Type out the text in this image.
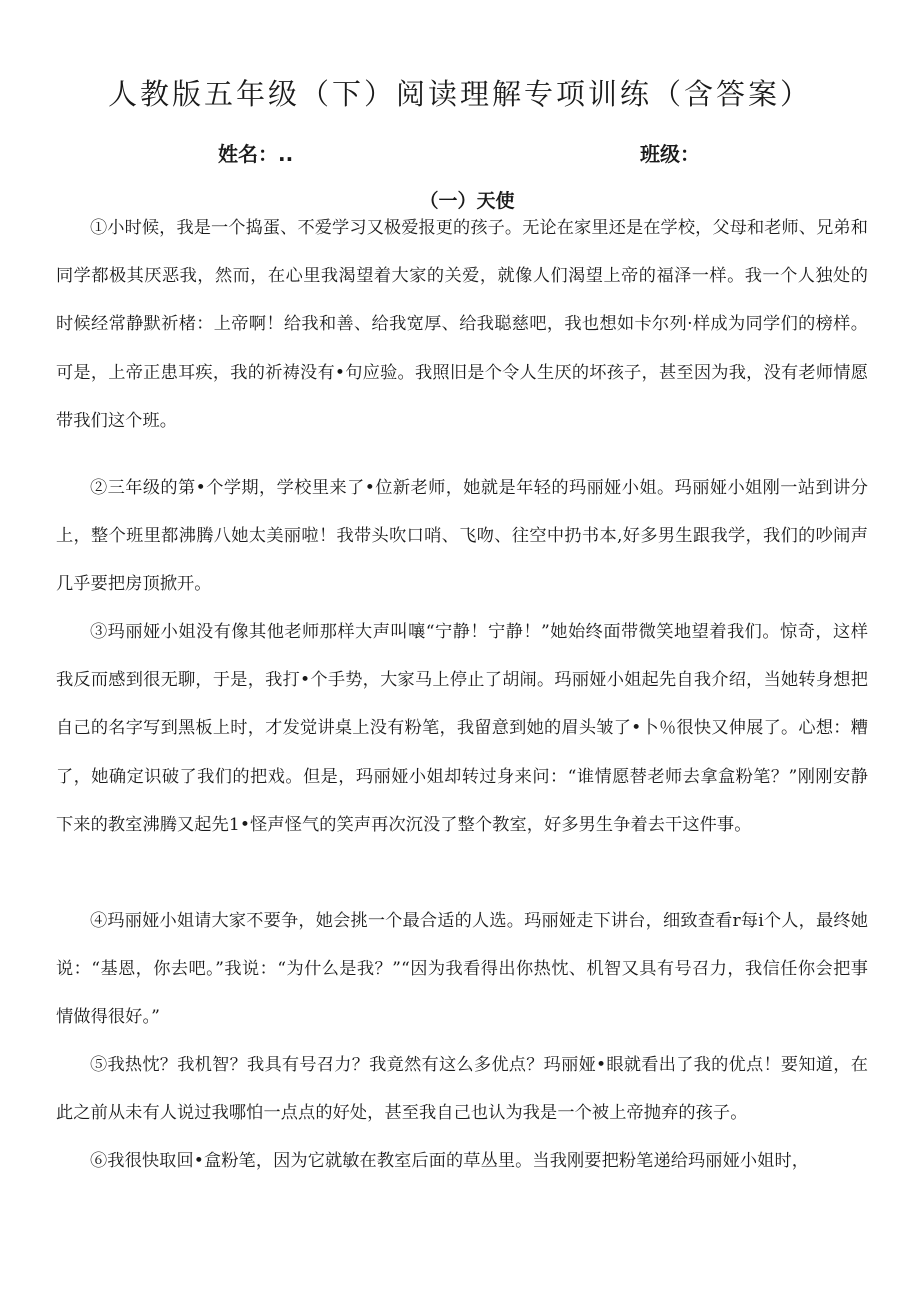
人教版五年级（下）阅读理解专项训练（含答案）
姓名：..	班级：
（一）天使

①小时候，我是一个捣蛋、不爱学习又极爱报更的孩子。无论在家里还是在学校，父母和老师、兄弟和同学都极其厌恶我，然而，在心里我渴望着大家的关爱，就像人们渴望上帝的福泽一样。我一个人独处的时候经常静默祈楮：上帝啊！给我和善、给我宽厚、给我聪慈吧，我也想如卡尔列·样成为同学们的榜样。可是，上帝正患耳疾，我的祈祷没有•句应验。我照旧是个令人生厌的坏孩子，甚至因为我，没有老师情愿带我们这个班。

②三年级的第•个学期，学校里来了•位新老师，她就是年轻的玛丽娅小姐。玛丽娅小姐刚一站到讲分上，整个班里都沸腾八她太美丽啦！我带头吹口哨、飞吻、往空中扔书本,好多男生跟我学，我们的吵闹声几乎要把房顶掀开。

③玛丽娅小姐没有像其他老师那样大声叫嚷“宁静！宁静！”她始终面带微笑地望着我们。惊奇，这样我反而感到很无聊，于是，我打•个手势，大家马上停止了胡闹。玛丽娅小姐起先自我介绍，当她转身想把自己的名字写到黑板上时，才发觉讲桌上没有粉笔，我留意到她的眉头皱了•卜％很快又伸展了。心想：糟了，她确定识破了我们的把戏。但是，玛丽娅小姐却转过身来问：“谁情愿替老师去拿盒粉笔？”刚刚安静下来的教室沸腾又起先1•怪声怪气的笑声再次沉没了整个教室，好多男生争着去干这件事。

④玛丽娅小姐请大家不要争，她会挑一个最合适的人选。玛丽娅走下讲台，细致查看r每i个人，最终她说：“基恩，你去吧。”我说：“为什么是我？”“因为我看得出你热忱、机智又具有号召力，我信任你会把事情做得很好。”

⑤我热忱？我机智？我具有号召力？我竟然有这么多优点？玛丽娅•眼就看出了我的优点！要知道，在此之前从未有人说过我哪怕一点点的好处，甚至我自己也认为我是一个被上帝抛弃的孩子。

⑥我很快取回•盒粉笔，因为它就敏在教室后面的草丛里。当我刚要把粉笔递给玛丽娅小姐时，
